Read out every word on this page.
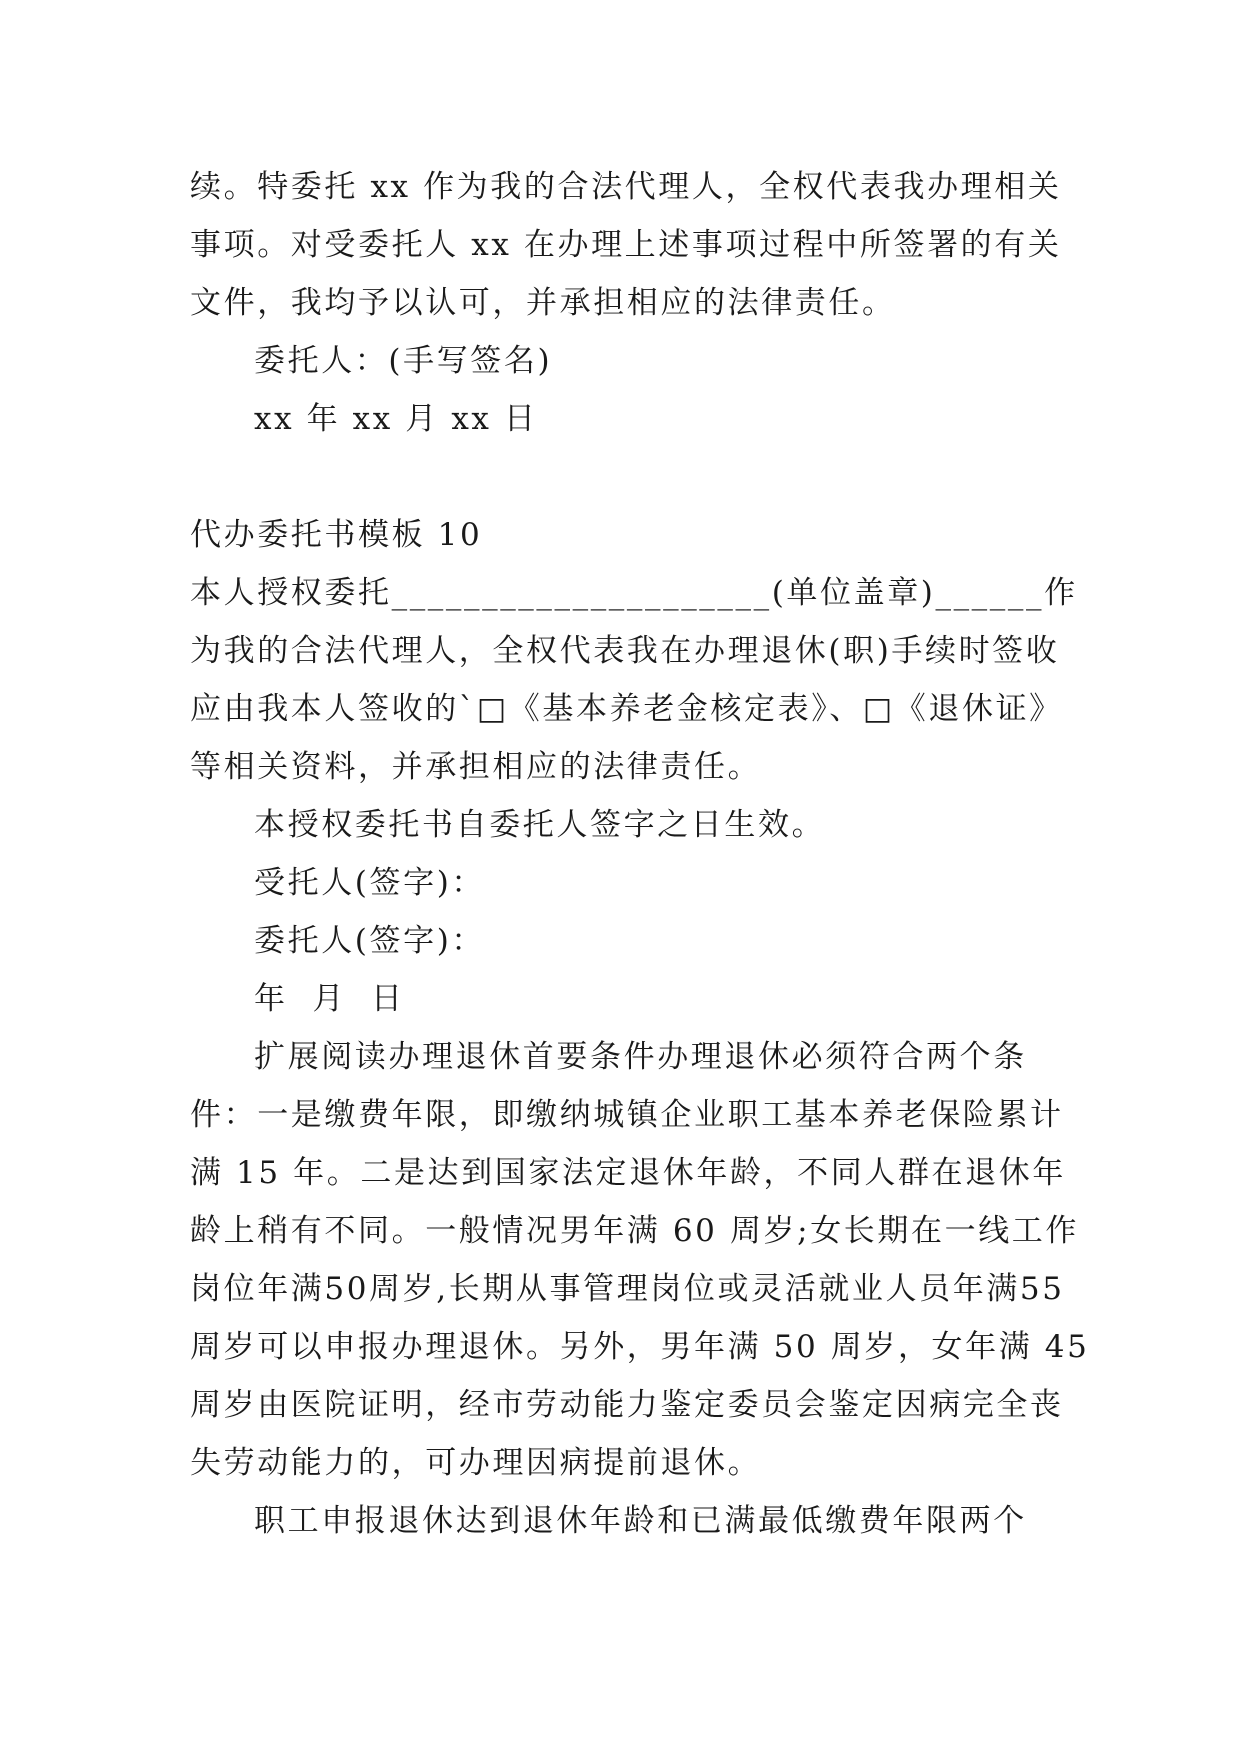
续。特委托 xx 作为我的合法代理人，全权代表我办理相关
事项。对受委托人 xx 在办理上述事项过程中所签署的有关
文件，我均予以认可，并承担相应的法律责任。
委托人：(手写签名)
xx 年 xx 月 xx 日
代办委托书模板 10
本人授权委托_____________________(单位盖章)______作
为我的合法代理人，全权代表我在办理退休(职)手续时签收
应由我本人签收的`□《基本养老金核定表》、□《退休证》
等相关资料，并承担相应的法律责任。
本授权委托书自委托人签字之日生效。
受托人(签字)：
委托人(签字)：
年  月  日
扩展阅读办理退休首要条件办理退休必须符合两个条
件：一是缴费年限，即缴纳城镇企业职工基本养老保险累计
满 15 年。二是达到国家法定退休年龄，不同人群在退休年
龄上稍有不同。一般情况男年满 60 周岁;女长期在一线工作
岗位年满50周岁,长期从事管理岗位或灵活就业人员年满55
周岁可以申报办理退休。另外，男年满 50 周岁，女年满 45
周岁由医院证明，经市劳动能力鉴定委员会鉴定因病完全丧
失劳动能力的，可办理因病提前退休。
职工申报退休达到退休年龄和已满最低缴费年限两个
